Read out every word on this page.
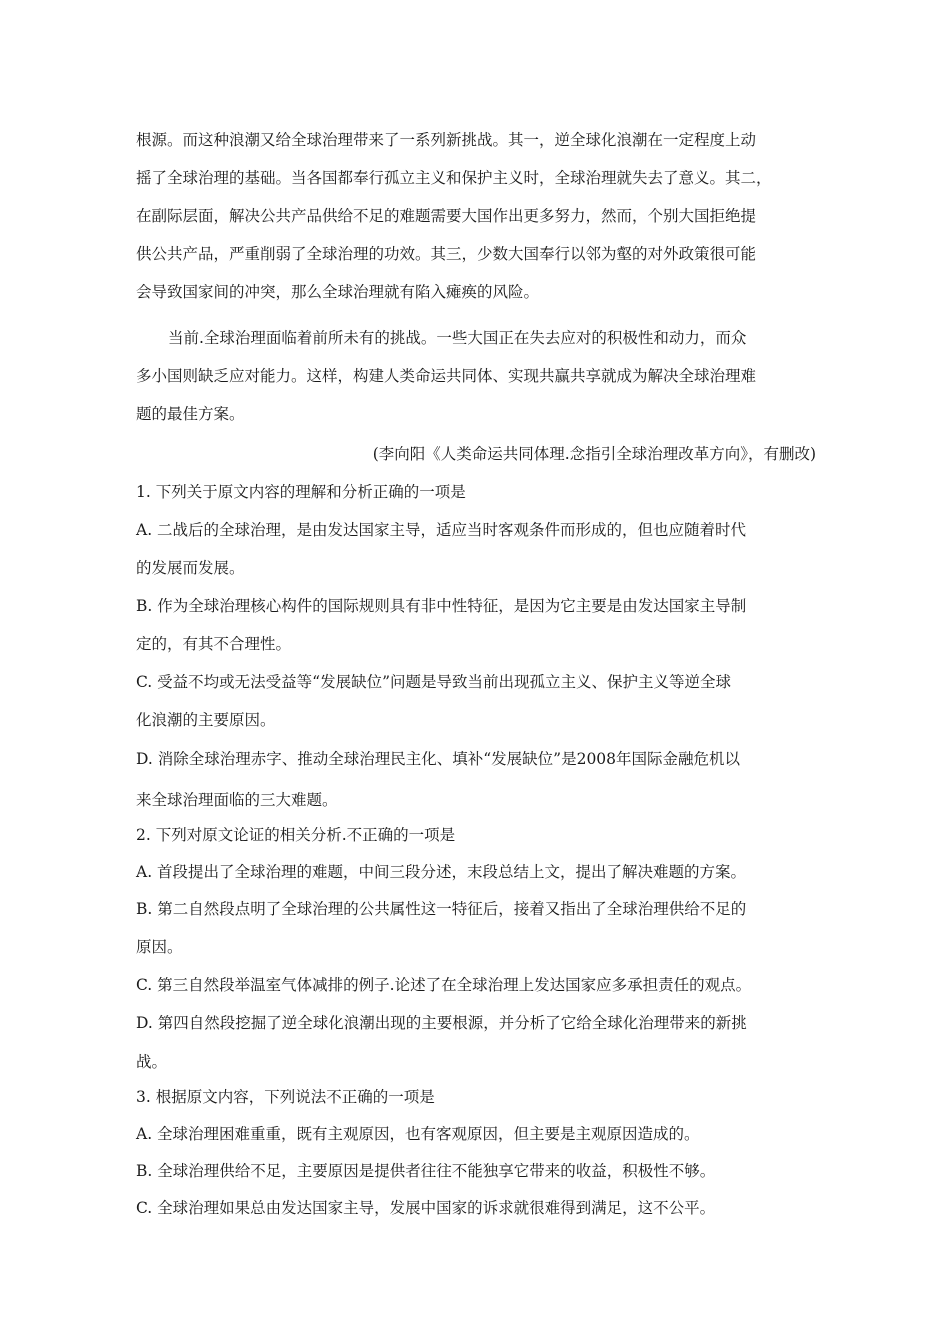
根源。而这种浪潮又给全球治理带来了一系列新挑战。其一，逆全球化浪潮在一定程度上动
摇了全球治理的基础。当各国都奉行孤立主义和保护主义时，全球治理就失去了意义。其二，
在副际层面，解决公共产品供给不足的难题需要大国作出更多努力，然而，个别大国拒绝提
供公共产品，严重削弱了全球治理的功效。其三，少数大国奉行以邻为壑的对外政策很可能
会导致国家间的冲突，那么全球治理就有陷入瘫痪的风险。
当前.全球治理面临着前所未有的挑战。一些大国正在失去应对的积极性和动力，而众
多小国则缺乏应对能力。这样，构建人类命运共同体、实现共赢共享就成为解决全球治理难
题的最佳方案。
(李向阳《人类命运共同体理.念指引全球治理改革方向》，有删改)
1. 下列关于原文内容的理解和分析正确的一项是
A. 二战后的全球治理，是由发达国家主导，适应当时客观条件而形成的，但也应随着时代
的发展而发展。
B. 作为全球治理核心构件的国际规则具有非中性特征，是因为它主要是由发达国家主导制
定的，有其不合理性。
C. 受益不均或无法受益等“发展缺位”问题是导致当前出现孤立主义、保护主义等逆全球
化浪潮的主要原因。
D. 消除全球治理赤字、推动全球治理民主化、填补“发展缺位”是2008年国际金融危机以
来全球治理面临的三大难题。
2. 下列对原文论证的相关分析.不正确的一项是
A. 首段提出了全球治理的难题，中间三段分述，末段总结上文，提出了解决难题的方案。
B. 第二自然段点明了全球治理的公共属性这一特征后，接着又指出了全球治理供给不足的
原因。
C. 第三自然段举温室气体减排的例子.论述了在全球治理上发达国家应多承担责任的观点。
D. 第四自然段挖掘了逆全球化浪潮出现的主要根源，并分析了它给全球化治理带来的新挑
战。
3. 根据原文内容，下列说法不正确的一项是
A. 全球治理困难重重，既有主观原因，也有客观原因，但主要是主观原因造成的。
B. 全球治理供给不足，主要原因是提供者往往不能独享它带来的收益，积极性不够。
C. 全球治理如果总由发达国家主导，发展中国家的诉求就很难得到满足，这不公平。
